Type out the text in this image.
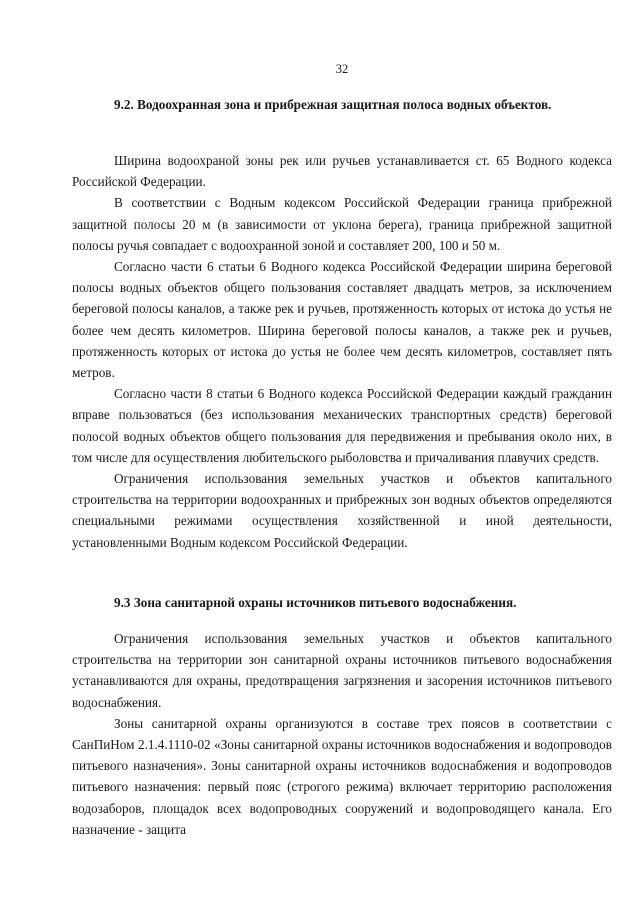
32
9.2. Водоохранная зона и прибрежная защитная полоса водных объектов.

Ширина водоохраной зоны рек или ручьев устанавливается ст. 65 Водного кодекса Российской Федерации.

В соответствии с Водным кодексом Российской Федерации граница прибрежной защитной полосы 20 м (в зависимости от уклона берега), граница прибрежной защитной полосы ручья совпадает с водоохранной зоной и составляет 200, 100 и 50 м.

Согласно части 6 статьи 6 Водного кодекса Российской Федерации ширина береговой полосы водных объектов общего пользования составляет двадцать метров, за исключением береговой полосы каналов, а также рек и ручьев, протяженность которых от истока до устья не более чем десять километров. Ширина береговой полосы каналов, а также рек и ручьев, протяженность которых от истока до устья не более чем десять километров, составляет пять метров.

Согласно части 8 статьи 6 Водного кодекса Российской Федерации каждый гражданин вправе пользоваться (без использования механических транспортных средств) береговой полосой водных объектов общего пользования для передвижения и пребывания около них, в том числе для осуществления любительского рыболовства и причаливания плавучих средств.

Ограничения использования земельных участков и объектов капитального строительства на территории водоохранных и прибрежных зон водных объектов определяются специальными режимами осуществления хозяйственной и иной деятельности, установленными Водным кодексом Российской Федерации.

9.3 Зона санитарной охраны источников питьевого водоснабжения.

Ограничения использования земельных участков и объектов капитального строительства на территории зон санитарной охраны источников питьевого водоснабжения устанавливаются для охраны, предотвращения загрязнения и засорения источников питьевого водоснабжения.

Зоны санитарной охраны организуются в составе трех поясов в соответствии с СанПиНом 2.1.4.1110-02 «Зоны санитарной охраны источников водоснабжения и водопроводов питьевого назначения». Зоны санитарной охраны источников водоснабжения и водопроводов питьевого назначения: первый пояс (строгого режима) включает территорию расположения водозаборов, площадок всех водопроводных сооружений и водопроводящего канала. Его назначение - защита
